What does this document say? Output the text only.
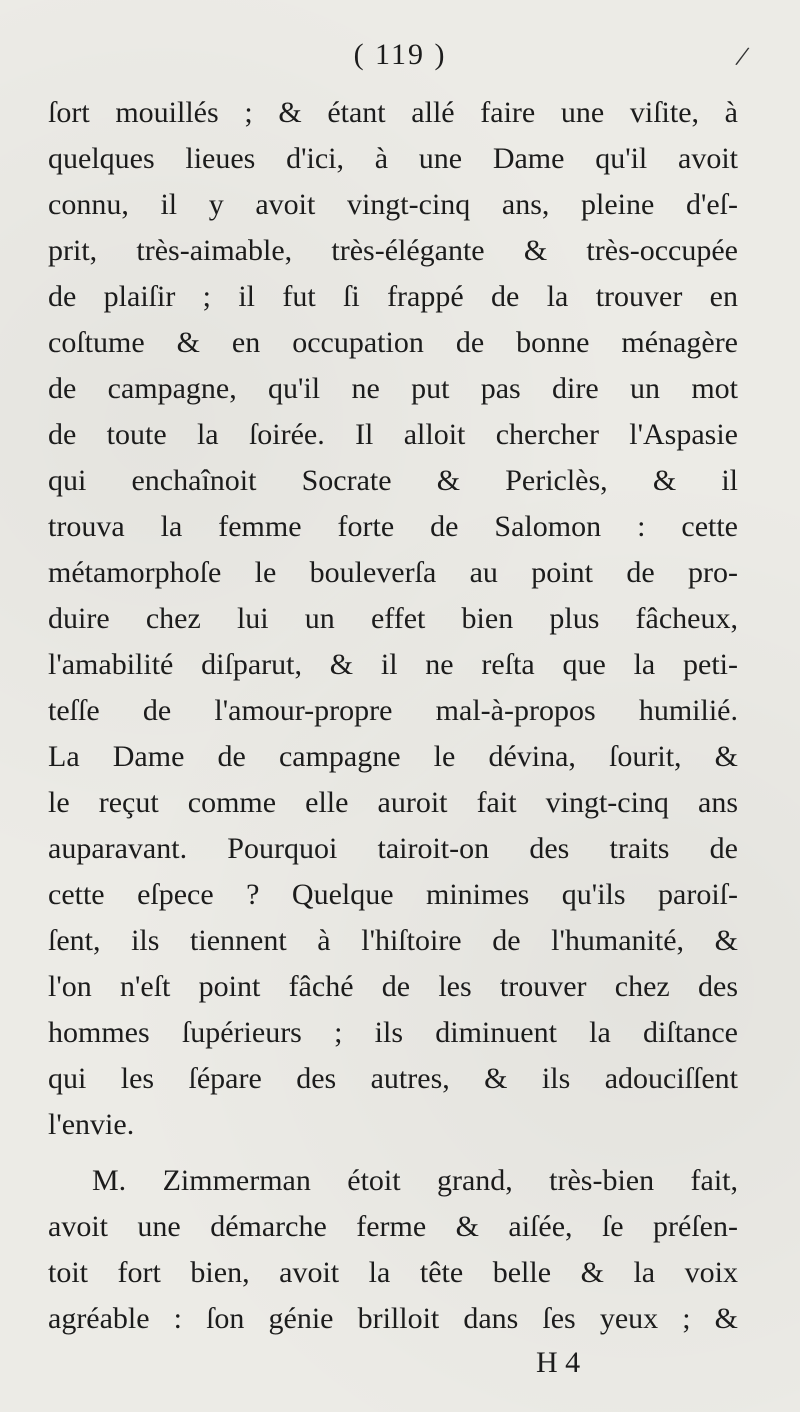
( 119 )	/
ſort mouillés ; & étant allé faire une viſite, à
quelques lieues d'ici, à une Dame qu'il avoit
connu, il y avoit vingt-cinq ans, pleine d'eſ-
prit, très-aimable, très-élégante & très-occupée
de plaiſir ; il fut ſi frappé de la trouver en
coſtume & en occupation de bonne ménagère
de campagne, qu'il ne put pas dire un mot
de toute la ſoirée. Il alloit chercher l'Aspasie
qui enchaînoit Socrate & Periclès, & il
trouva la femme forte de Salomon : cette
métamorphoſe le bouleverſa au point de pro-
duire chez lui un effet bien plus fâcheux,
l'amabilité diſparut, & il ne reſta que la peti-
teſſe de l'amour-propre mal-à-propos humilié.
La Dame de campagne le dévina, ſourit, &
le reçut comme elle auroit fait vingt-cinq ans
auparavant. Pourquoi tairoit-on des traits de
cette eſpece ? Quelque minimes qu'ils paroiſ-
ſent, ils tiennent à l'hiſtoire de l'humanité, &
l'on n'eſt point fâché de les trouver chez des
hommes ſupérieurs ; ils diminuent la diſtance
qui les ſépare des autres, & ils adouciſſent
l'envie.
M. Zimmerman étoit grand, très-bien fait,
avoit une démarche ferme & aiſée, ſe préſen-
toit fort bien, avoit la tête belle & la voix
agréable : ſon génie brilloit dans ſes yeux ; &
H 4
